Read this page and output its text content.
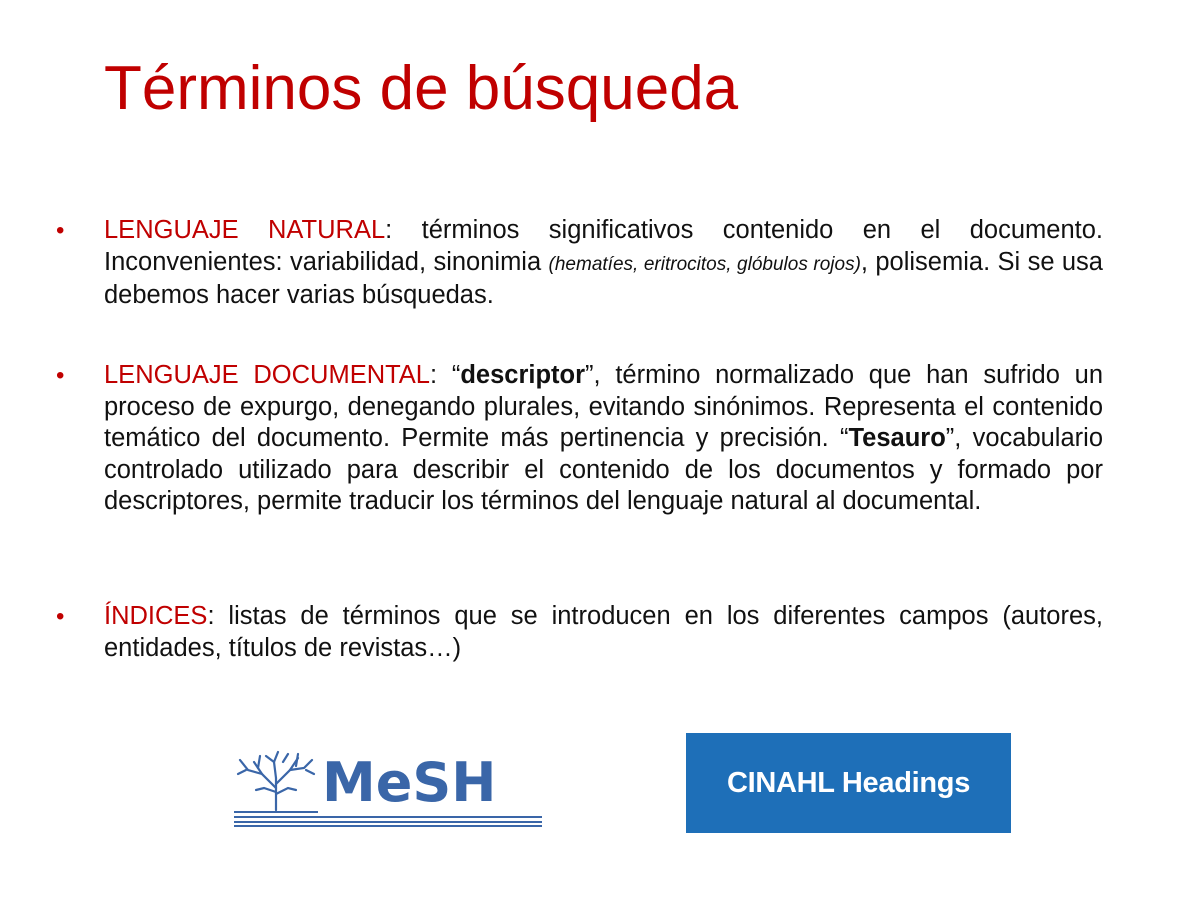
Términos de búsqueda
• LENGUAJE NATURAL: términos significativos contenido en el documento. Inconvenientes: variabilidad, sinonimia (hematíes, eritrocitos, glóbulos rojos), polisemia. Si se usa debemos hacer varias búsquedas.
• LENGUAJE DOCUMENTAL: “descriptor”, término normalizado que han sufrido un proceso de expurgo, denegando plurales, evitando sinónimos. Representa el contenido temático del documento. Permite más pertinencia y precisión. “Tesauro”, vocabulario controlado utilizado para describir el contenido de los documentos y formado por descriptores, permite traducir los términos del lenguaje natural al documental.
• ÍNDICES: listas de términos que se introducen en los diferentes campos (autores, entidades, títulos de revistas…)
MeSH	CINAHL Headings
